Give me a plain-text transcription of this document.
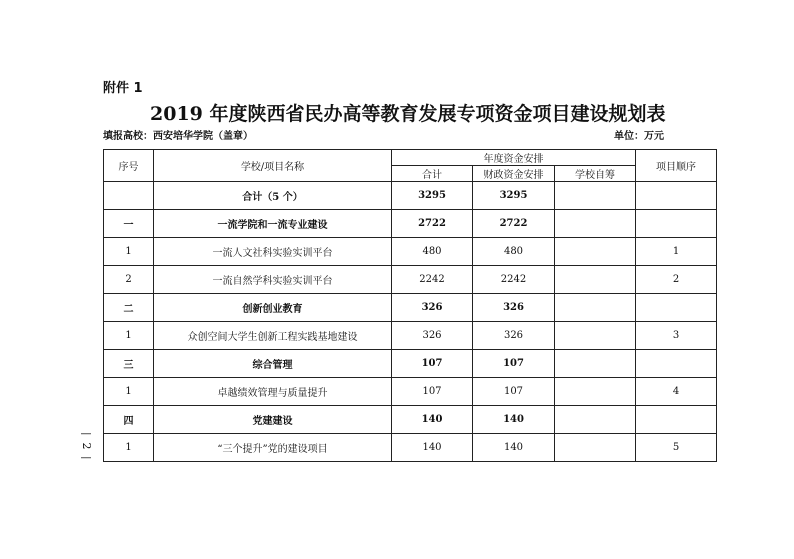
附件 1
2019 年度陕西省民办高等教育发展专项资金项目建设规划表
填报高校：西安培华学院（盖章）	单位：万元
序号	学校/项目名称	年度资金安排			项目顺序
		合计	财政资金安排	学校自筹	
	合计（5 个）	3295	3295		
一	一流学院和一流专业建设	2722	2722		
1	一流人文社科实验实训平台	480	480		1
2	一流自然学科实验实训平台	2242	2242		2
二	创新创业教育	326	326		
1	众创空间大学生创新工程实践基地建设	326	326		3
三	综合管理	107	107		
1	卓越绩效管理与质量提升	107	107		4
四	党建建设	140	140		
1	“三个提升”党的建设项目	140	140		5
—
2
—
